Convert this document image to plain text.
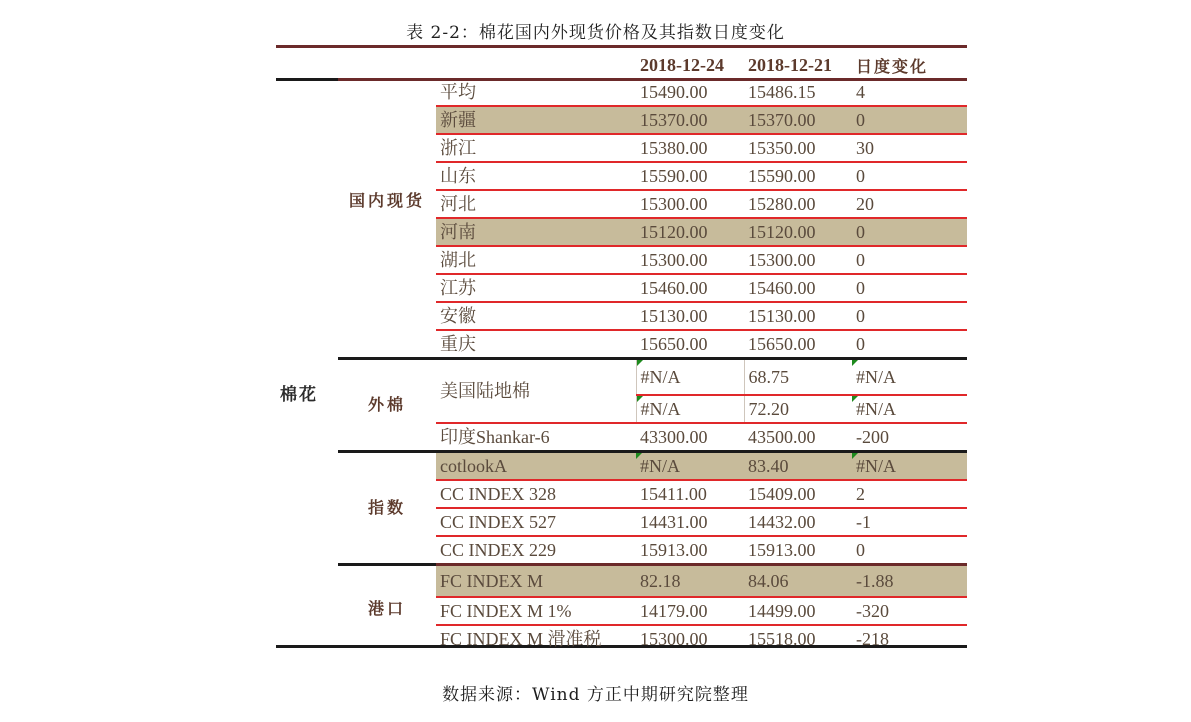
表 2-2：棉花国内外现货价格及其指数日度变化
			2018-12-24	2018-12-21	日度变化
棉花	国内现货	平均	15490.00	15486.15	4
		新疆	15370.00	15370.00	0
		浙江	15380.00	15350.00	30
		山东	15590.00	15590.00	0
		河北	15300.00	15280.00	20
		河南	15120.00	15120.00	0
		湖北	15300.00	15300.00	0
		江苏	15460.00	15460.00	0
		安徽	15130.00	15130.00	0
		重庆	15650.00	15650.00	0
	外棉	美国陆地棉	#N/A	68.75	#N/A
			#N/A	72.20	#N/A
		印度Shankar-6	43300.00	43500.00	-200
	指数	cotlookA	#N/A	83.40	#N/A
		CC INDEX 328	15411.00	15409.00	2
		CC INDEX 527	14431.00	14432.00	-1
		CC INDEX 229	15913.00	15913.00	0
	港口	FC INDEX M	82.18	84.06	-1.88
		FC INDEX M 1%	14179.00	14499.00	-320
		FC INDEX M 滑准税	15300.00	15518.00	-218
数据来源：Wind 方正中期研究院整理
